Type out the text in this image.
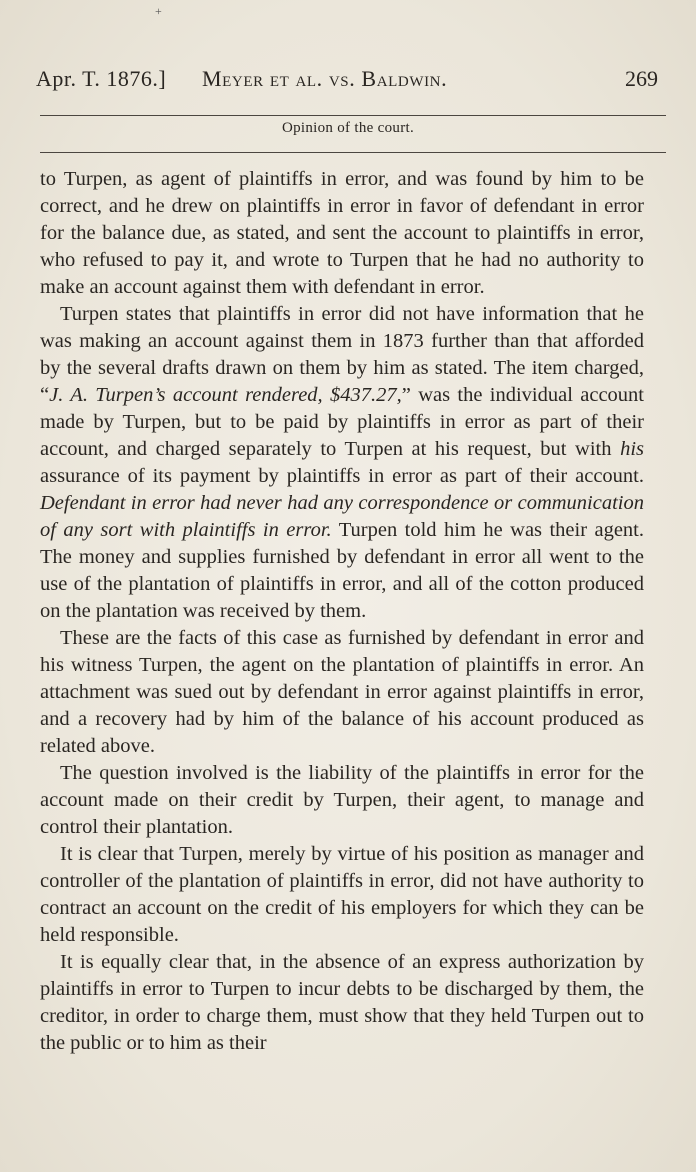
+
Apr. T. 1876.] Meyer et al. vs. Baldwin.	269
Opinion of the court.

to Turpen, as agent of plaintiffs in error, and was found by him to be correct, and he drew on plaintiffs in error in favor of defendant in error for the balance due, as stated, and sent the account to plaintiffs in error, who refused to pay it, and wrote to Turpen that he had no authority to make an account against them with defendant in error.

Turpen states that plaintiffs in error did not have information that he was making an account against them in 1873 further than that afforded by the several drafts drawn on them by him as stated. The item charged, “J. A. Turpen’s account rendered, $437.27,” was the individual account made by Turpen, but to be paid by plaintiffs in error as part of their account, and charged separately to Turpen at his request, but with his assurance of its payment by plaintiffs in error as part of their account. Defendant in error had never had any correspondence or communication of any sort with plaintiffs in error. Turpen told him he was their agent. The money and supplies furnished by defendant in error all went to the use of the plantation of plaintiffs in error, and all of the cotton produced on the plantation was received by them.

These are the facts of this case as furnished by defendant in error and his witness Turpen, the agent on the plantation of plaintiffs in error. An attachment was sued out by defendant in error against plaintiffs in error, and a recovery had by him of the balance of his account produced as related above.

The question involved is the liability of the plaintiffs in error for the account made on their credit by Turpen, their agent, to manage and control their plantation.

It is clear that Turpen, merely by virtue of his position as manager and controller of the plantation of plaintiffs in error, did not have authority to contract an account on the credit of his employers for which they can be held responsible.

It is equally clear that, in the absence of an express authorization by plaintiffs in error to Turpen to incur debts to be discharged by them, the creditor, in order to charge them, must show that they held Turpen out to the public or to him as their
